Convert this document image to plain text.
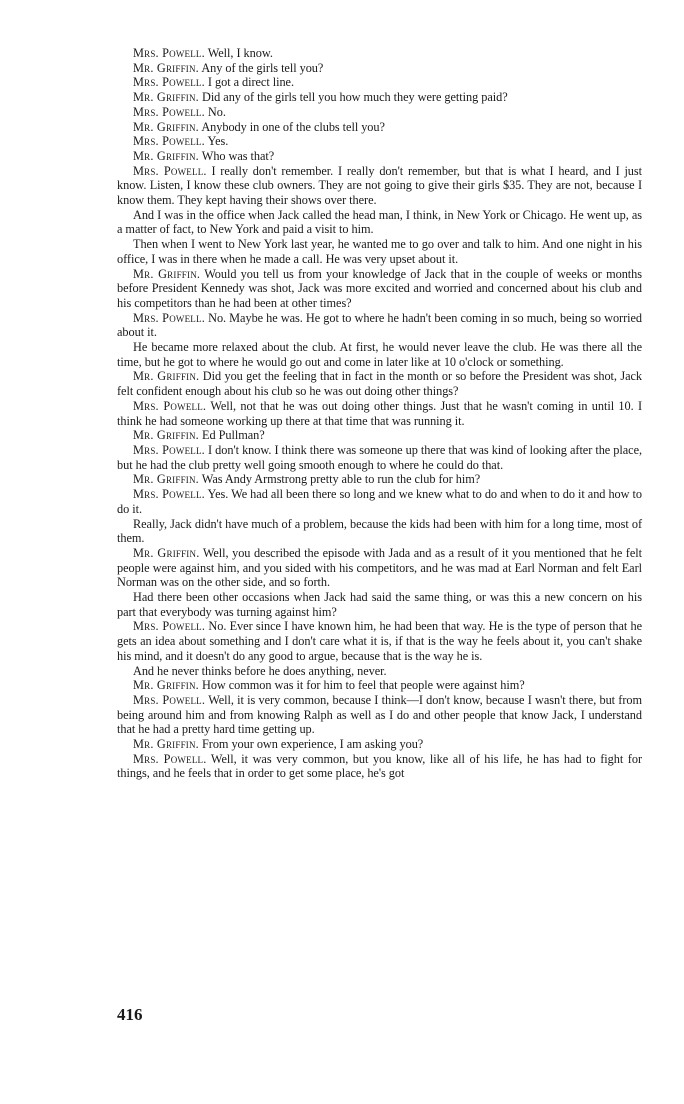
Mrs. Powell. Well, I know.

Mr. Griffin. Any of the girls tell you?

Mrs. Powell. I got a direct line.

Mr. Griffin. Did any of the girls tell you how much they were getting paid?

Mrs. Powell. No.

Mr. Griffin. Anybody in one of the clubs tell you?

Mrs. Powell. Yes.

Mr. Griffin. Who was that?

Mrs. Powell. I really don't remember. I really don't remember, but that is what I heard, and I just know. Listen, I know these club owners. They are not going to give their girls $35. They are not, because I know them. They kept having their shows over there.

And I was in the office when Jack called the head man, I think, in New York or Chicago. He went up, as a matter of fact, to New York and paid a visit to him.

Then when I went to New York last year, he wanted me to go over and talk to him. And one night in his office, I was in there when he made a call. He was very upset about it.

Mr. Griffin. Would you tell us from your knowledge of Jack that in the couple of weeks or months before President Kennedy was shot, Jack was more excited and worried and concerned about his club and his competitors than he had been at other times?

Mrs. Powell. No. Maybe he was. He got to where he hadn't been coming in so much, being so worried about it.

He became more relaxed about the club. At first, he would never leave the club. He was there all the time, but he got to where he would go out and come in later like at 10 o'clock or something.

Mr. Griffin. Did you get the feeling that in fact in the month or so before the President was shot, Jack felt confident enough about his club so he was out doing other things?

Mrs. Powell. Well, not that he was out doing other things. Just that he wasn't coming in until 10. I think he had someone working up there at that time that was running it.

Mr. Griffin. Ed Pullman?

Mrs. Powell. I don't know. I think there was someone up there that was kind of looking after the place, but he had the club pretty well going smooth enough to where he could do that.

Mr. Griffin. Was Andy Armstrong pretty able to run the club for him?

Mrs. Powell. Yes. We had all been there so long and we knew what to do and when to do it and how to do it.

Really, Jack didn't have much of a problem, because the kids had been with him for a long time, most of them.

Mr. Griffin. Well, you described the episode with Jada and as a result of it you mentioned that he felt people were against him, and you sided with his competitors, and he was mad at Earl Norman and felt Earl Norman was on the other side, and so forth.

Had there been other occasions when Jack had said the same thing, or was this a new concern on his part that everybody was turning against him?

Mrs. Powell. No. Ever since I have known him, he had been that way. He is the type of person that he gets an idea about something and I don't care what it is, if that is the way he feels about it, you can't shake his mind, and it doesn't do any good to argue, because that is the way he is.

And he never thinks before he does anything, never.

Mr. Griffin. How common was it for him to feel that people were against him?

Mrs. Powell. Well, it is very common, because I think—I don't know, because I wasn't there, but from being around him and from knowing Ralph as well as I do and other people that know Jack, I understand that he had a pretty hard time getting up.

Mr. Griffin. From your own experience, I am asking you?

Mrs. Powell. Well, it was very common, but you know, like all of his life, he has had to fight for things, and he feels that in order to get some place, he's got

416
